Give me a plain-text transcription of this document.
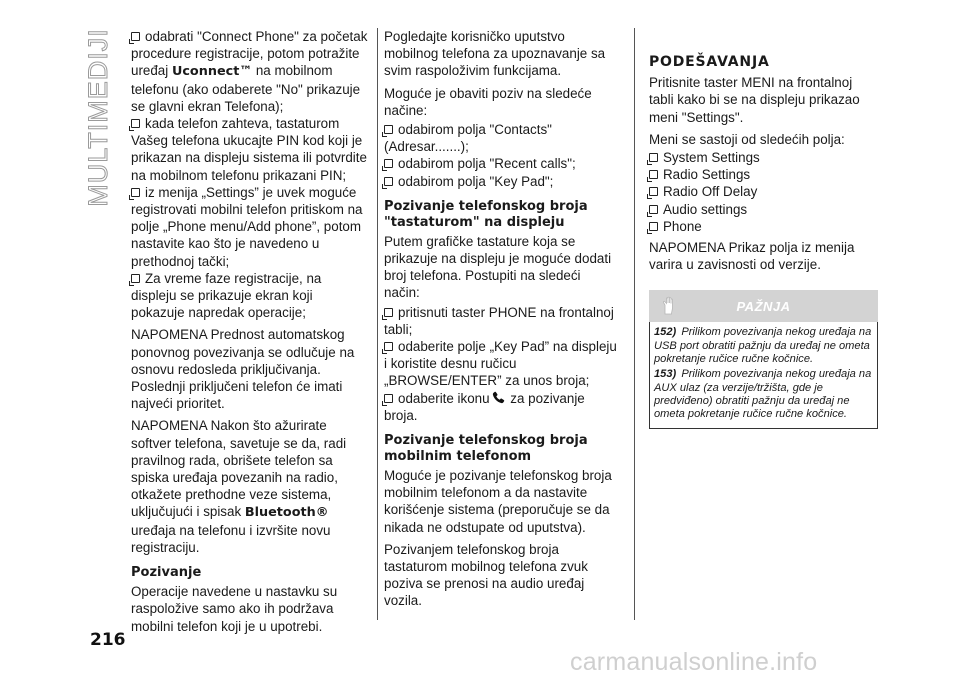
MULTIMEDIJI	odabrati "Connect Phone" za početak procedure registracije, potom potražite uređaj Uconnect™ na mobilnom telefonu (ako odaberete "No" prikazuje se glavni ekran Telefona);

kada telefon zahteva, tastaturom Vašeg telefona ukucajte PIN kod koji je prikazan na displeju sistema ili potvrdite na mobilnom telefonu prikazani PIN;

iz menija „Settings” je uvek moguće registrovati mobilni telefon pritiskom na polje „Phone menu/Add phone”, potom nastavite kao što je navedeno u prethodnoj tački;

Za vreme faze registracije, na displeju se prikazuje ekran koji pokazuje napredak operacije;

NAPOMENA Prednost automatskog ponovnog povezivanja se odlučuje na osnovu redosleda priključivanja. Poslednji priključeni telefon će imati najveći prioritet.

NAPOMENA Nakon što ažurirate softver telefona, savetuje se da, radi pravilnog rada, obrišete telefon sa spiska uređaja povezanih na radio, otkažete prethodne veze sistema, uključujući i spisak Bluetooth® uređaja na telefonu i izvršite novu registraciju.

Pozivanje

Operacije navedene u nastavku su raspoložive samo ako ih podržava mobilni telefon koji je u upotrebi.

Pogledajte korisničko uputstvo mobilnog telefona za upoznavanje sa svim raspoloživim funkcijama.

Moguće je obaviti poziv na sledeće načine:

odabirom polja "Contacts" (Adresar.......);

odabirom polja "Recent calls";

odabirom polja "Key Pad";

Pozivanje telefonskog broja "tastaturom" na displeju

Putem grafičke tastature koja se prikazuje na displeju je moguće dodati broj telefona. Postupiti na sledeći način:

pritisnuti taster PHONE na frontalnoj tabli;

odaberite polje „Key Pad” na displeju i koristite desnu ručicu „BROWSE/ENTER” za unos broja;

odaberite ikonu za pozivanje broja.

Pozivanje telefonskog broja mobilnim telefonom

Moguće je pozivanje telefonskog broja mobilnim telefonom a da nastavite korišćenje sistema (preporučuje se da nikada ne odstupate od uputstva).

Pozivanjem telefonskog broja tastaturom mobilnog telefona zvuk poziva se prenosi na audio uređaj vozila.

PODEŠAVANJA

Pritisnite taster MENI na frontalnoj tabli kako bi se na displeju prikazao meni "Settings".

Meni se sastoji od sledećih polja:

System Settings

Radio Settings

Radio Off Delay

Audio settings

Phone

NAPOMENA Prikaz polja iz menija varira u zavisnosti od verzije.

PAŽNJA

152) Prilikom povezivanja nekog uređaja na USB port obratiti pažnju da uređaj ne ometa pokretanje ručice ručne kočnice.

153) Prilikom povezivanja nekog uređaja na AUX ulaz (za verzije/tržišta, gde je predviđeno) obratiti pažnju da uređaj ne ometa pokretanje ručice ručne kočnice.

216
carmanualsonline.info
